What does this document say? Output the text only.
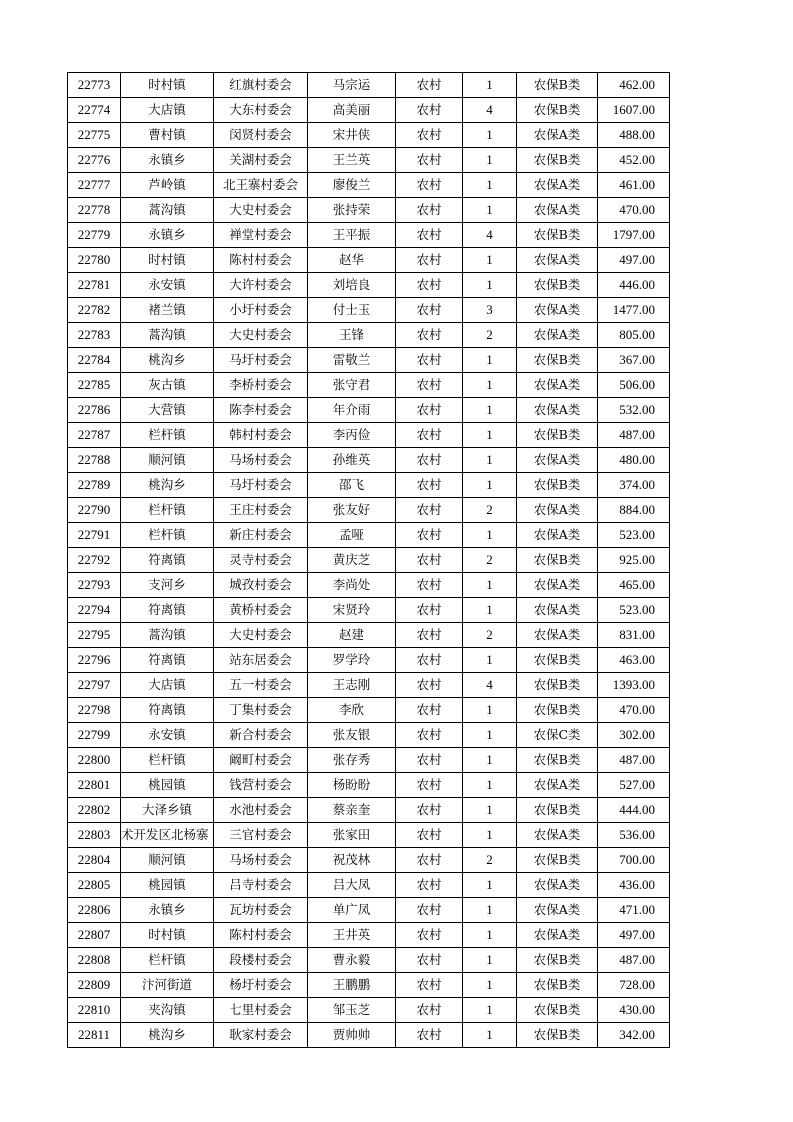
22773	时村镇	红旗村委会	马宗运	农村	1	农保B类	462.00
22774	大店镇	大东村委会	高美丽	农村	4	农保B类	1607.00
22775	曹村镇	闵贤村委会	宋井侠	农村	1	农保A类	488.00
22776	永镇乡	关湖村委会	王兰英	农村	1	农保B类	452.00
22777	芦岭镇	北王寨村委会	廖俊兰	农村	1	农保A类	461.00
22778	蒿沟镇	大史村委会	张持荣	农村	1	农保A类	470.00
22779	永镇乡	禅堂村委会	王平振	农村	4	农保B类	1797.00
22780	时村镇	陈村村委会	赵华	农村	1	农保A类	497.00
22781	永安镇	大许村委会	刘培良	农村	1	农保B类	446.00
22782	褚兰镇	小圩村委会	付士玉	农村	3	农保A类	1477.00
22783	蒿沟镇	大史村委会	王锋	农村	2	农保A类	805.00
22784	桃沟乡	马圩村委会	雷敬兰	农村	1	农保B类	367.00
22785	灰古镇	李桥村委会	张守君	农村	1	农保A类	506.00
22786	大营镇	陈李村委会	年介雨	农村	1	农保A类	532.00
22787	栏杆镇	韩村村委会	李丙俭	农村	1	农保B类	487.00
22788	顺河镇	马场村委会	孙维英	农村	1	农保A类	480.00
22789	桃沟乡	马圩村委会	邵飞	农村	1	农保B类	374.00
22790	栏杆镇	王庄村委会	张友好	农村	2	农保A类	884.00
22791	栏杆镇	新庄村委会	孟哑	农村	1	农保A类	523.00
22792	符离镇	灵寺村委会	黄庆芝	农村	2	农保B类	925.00
22793	支河乡	城孜村委会	李尚处	农村	1	农保A类	465.00
22794	符离镇	黄桥村委会	宋贤玲	农村	1	农保A类	523.00
22795	蒿沟镇	大史村委会	赵建	农村	2	农保A类	831.00
22796	符离镇	站东居委会	罗学玲	农村	1	农保B类	463.00
22797	大店镇	五一村委会	王志刚	农村	4	农保B类	1393.00
22798	符离镇	丁集村委会	李欣	农村	1	农保B类	470.00
22799	永安镇	新合村委会	张友银	农村	1	农保C类	302.00
22800	栏杆镇	阚町村委会	张存秀	农村	1	农保B类	487.00
22801	桃园镇	钱营村委会	杨盼盼	农村	1	农保A类	527.00
22802	大泽乡镇	水池村委会	蔡亲奎	农村	1	农保B类	444.00
22803	术开发区北杨寨	三官村委会	张家田	农村	1	农保A类	536.00
22804	顺河镇	马场村委会	祝茂林	农村	2	农保B类	700.00
22805	桃园镇	吕寺村委会	吕大凤	农村	1	农保A类	436.00
22806	永镇乡	瓦坊村委会	单广凤	农村	1	农保A类	471.00
22807	时村镇	陈村村委会	王井英	农村	1	农保A类	497.00
22808	栏杆镇	段楼村委会	曹永毅	农村	1	农保B类	487.00
22809	汴河街道	杨圩村委会	王鹏鹏	农村	1	农保B类	728.00
22810	夹沟镇	七里村委会	邹玉芝	农村	1	农保B类	430.00
22811	桃沟乡	耿家村委会	贾帅帅	农村	1	农保B类	342.00
